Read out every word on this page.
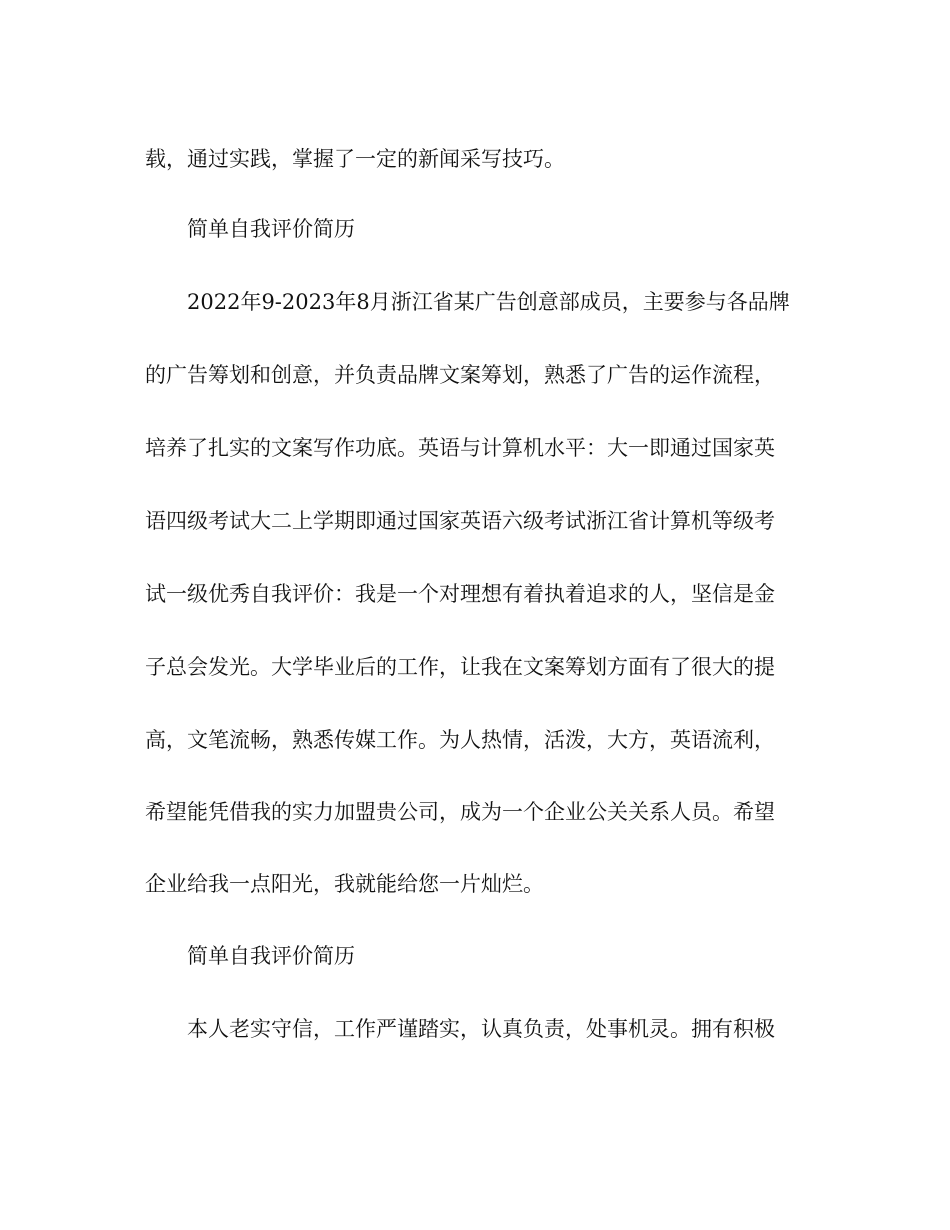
载，通过实践，掌握了一定的新闻采写技巧。
简单自我评价简历
2022年9-2023年8月浙江省某广告创意部成员，主要参与各品牌
的广告筹划和创意，并负责品牌文案筹划，熟悉了广告的运作流程，
培养了扎实的文案写作功底。英语与计算机水平：大一即通过国家英
语四级考试大二上学期即通过国家英语六级考试浙江省计算机等级考
试一级优秀自我评价：我是一个对理想有着执着追求的人，坚信是金
子总会发光。大学毕业后的工作，让我在文案筹划方面有了很大的提
高，文笔流畅，熟悉传媒工作。为人热情，活泼，大方，英语流利，
希望能凭借我的实力加盟贵公司，成为一个企业公关关系人员。希望
企业给我一点阳光，我就能给您一片灿烂。
简单自我评价简历
本人老实守信，工作严谨踏实，认真负责，处事机灵。拥有积极
